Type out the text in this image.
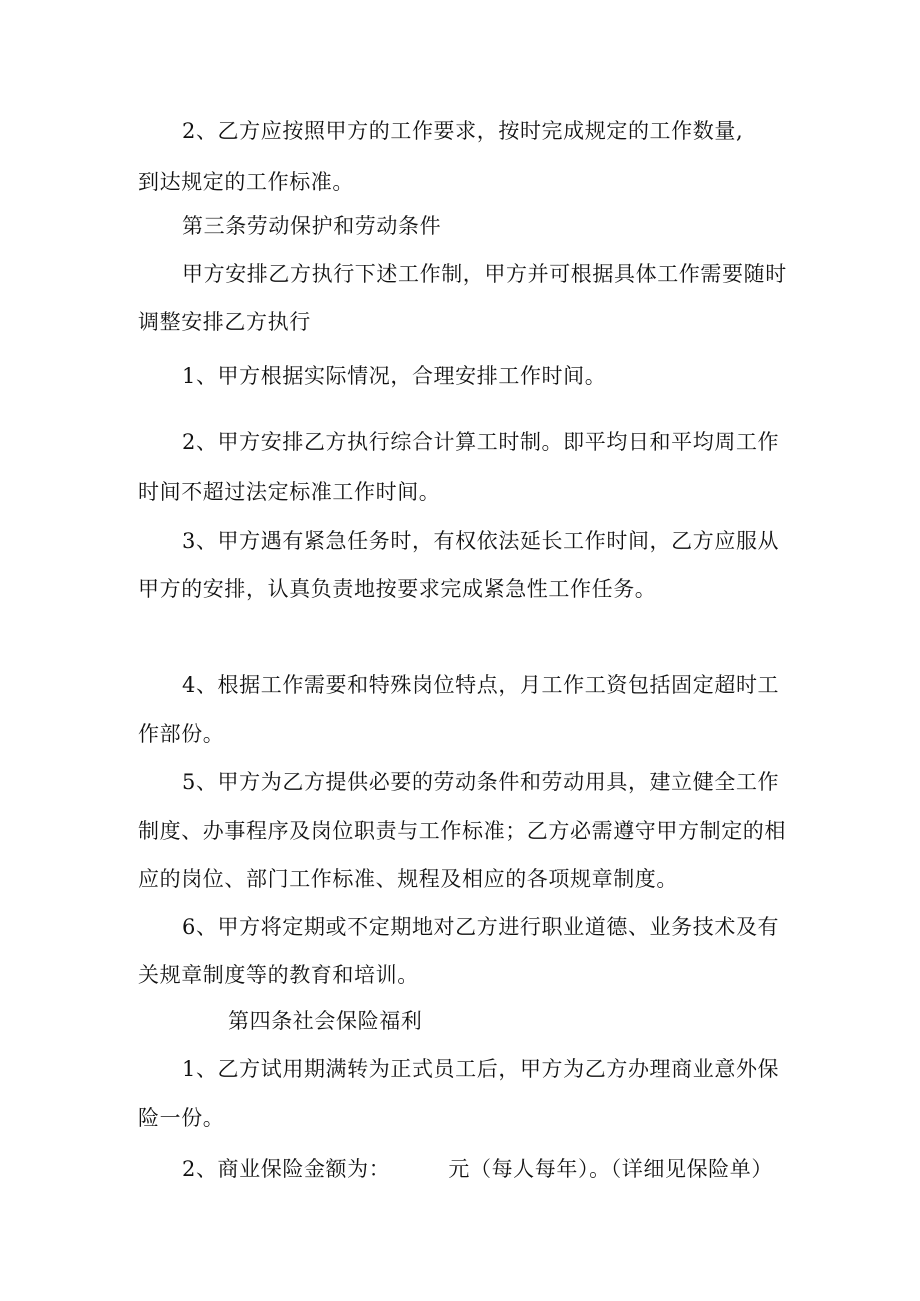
2、乙方应按照甲方的工作要求，按时完成规定的工作数量,
到达规定的工作标准。
第三条劳动保护和劳动条件
甲方安排乙方执行下述工作制，甲方并可根据具体工作需要随时
调整安排乙方执行
1、甲方根据实际情况，合理安排工作时间。
2、甲方安排乙方执行综合计算工时制。即平均日和平均周工作
时间不超过法定标准工作时间。
3、甲方遇有紧急任务时，有权依法延长工作时间，乙方应服从
甲方的安排，认真负责地按要求完成紧急性工作任务。
4、根据工作需要和特殊岗位特点，月工作工资包括固定超时工
作部份。
5、甲方为乙方提供必要的劳动条件和劳动用具，建立健全工作
制度、办事程序及岗位职责与工作标准；乙方必需遵守甲方制定的相
应的岗位、部门工作标准、规程及相应的各项规章制度。
6、甲方将定期或不定期地对乙方进行职业道德、业务技术及有
关规章制度等的教育和培训。
第四条社会保险福利
1、乙方试用期满转为正式员工后，甲方为乙方办理商业意外保
险一份。
2、商业保险金额为：	元（每人每年）。（详细见保险单）
